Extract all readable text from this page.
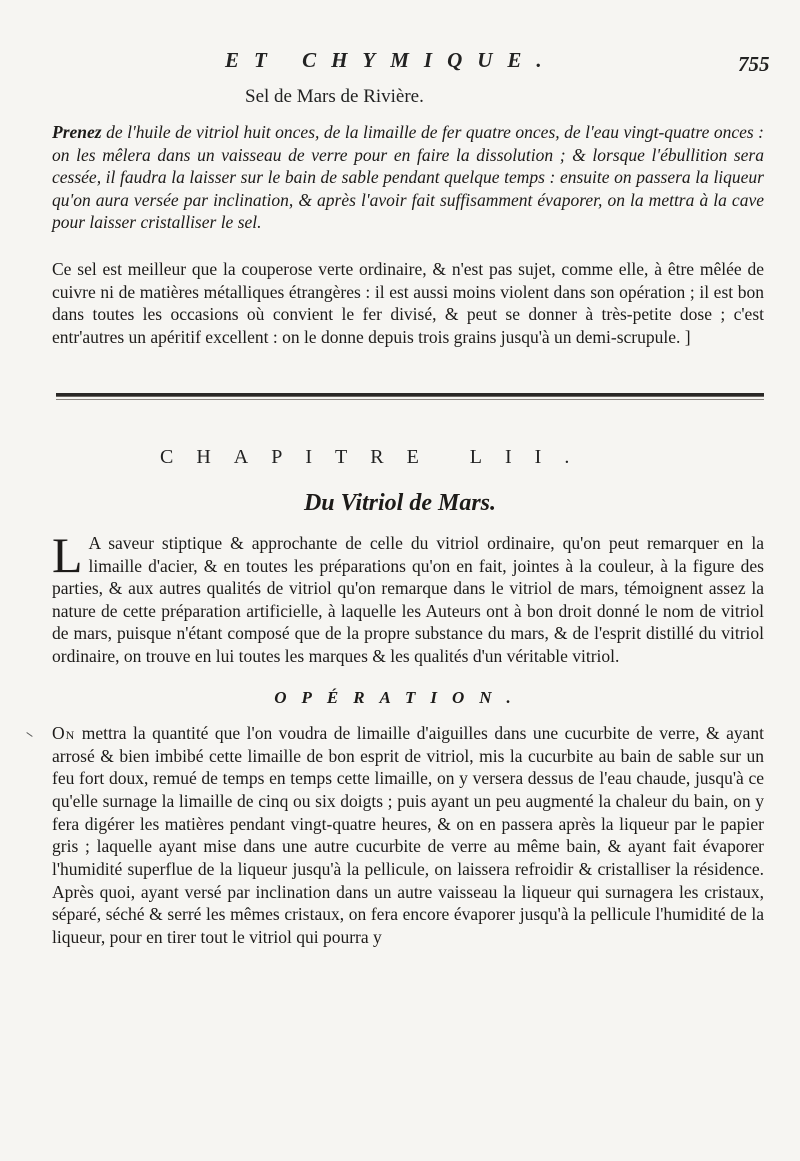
ET CHYMIQUE.	755
Sel de Mars de Rivière.
Prenez de l'huile de vitriol huit onces, de la limaille de fer quatre onces, de l'eau vingt-quatre onces : on les mêlera dans un vaisseau de verre pour en faire la dissolution ; & lorsque l'ébullition sera cessée, il faudra la laisser sur le bain de sable pendant quelque temps : ensuite on passera la liqueur qu'on aura versée par inclination, & après l'avoir fait suffisamment évaporer, on la mettra à la cave pour laisser cristalliser le sel.
Ce sel est meilleur que la couperose verte ordinaire, & n'est pas sujet, comme elle, à être mêlée de cuivre ni de matières métalliques étrangères : il est aussi moins violent dans son opération ; il est bon dans toutes les occasions où convient le fer divisé, & peut se donner à très-petite dose ; c'est entr'autres un apéritif excellent : on le donne depuis trois grains jusqu'à un demi-scrupule. ]
CHAPITRE LII.
Du Vitriol de Mars.
L A saveur stiptique & approchante de celle du vitriol ordinaire, qu'on peut remarquer en la limaille d'acier, & en toutes les préparations qu'on en fait, jointes à la couleur, à la figure des parties, & aux autres qualités de vitriol qu'on remarque dans le vitriol de mars, témoignent assez la nature de cette préparation artificielle, à laquelle les Auteurs ont à bon droit donné le nom de vitriol de mars, puisque n'étant composé que de la propre substance du mars, & de l'esprit distillé du vitriol ordinaire, on trouve en lui toutes les marques & les qualités d'un véritable vitriol.
OPÉRATION.
On mettra la quantité que l'on voudra de limaille d'aiguilles dans une cucurbite de verre, & ayant arrosé & bien imbibé cette limaille de bon esprit de vitriol, mis la cucurbite au bain de sable sur un feu fort doux, remué de temps en temps cette limaille, on y versera dessus de l'eau chaude, jusqu'à ce qu'elle surnage la limaille de cinq ou six doigts ; puis ayant un peu augmenté la chaleur du bain, on y fera digérer les matières pendant vingt-quatre heures, & on en passera après la liqueur par le papier gris ; laquelle ayant mise dans une autre cucurbite de verre au même bain, & ayant fait évaporer l'humidité superflue de la liqueur jusqu'à la pellicule, on laissera refroidir & cristalliser la résidence. Après quoi, ayant versé par inclination dans un autre vaisseau la liqueur qui surnagera les cristaux, séparé, séché & serré les mêmes cristaux, on fera encore évaporer jusqu'à la pellicule l'humidité de la liqueur, pour en tirer tout le vitriol qui pourra y
